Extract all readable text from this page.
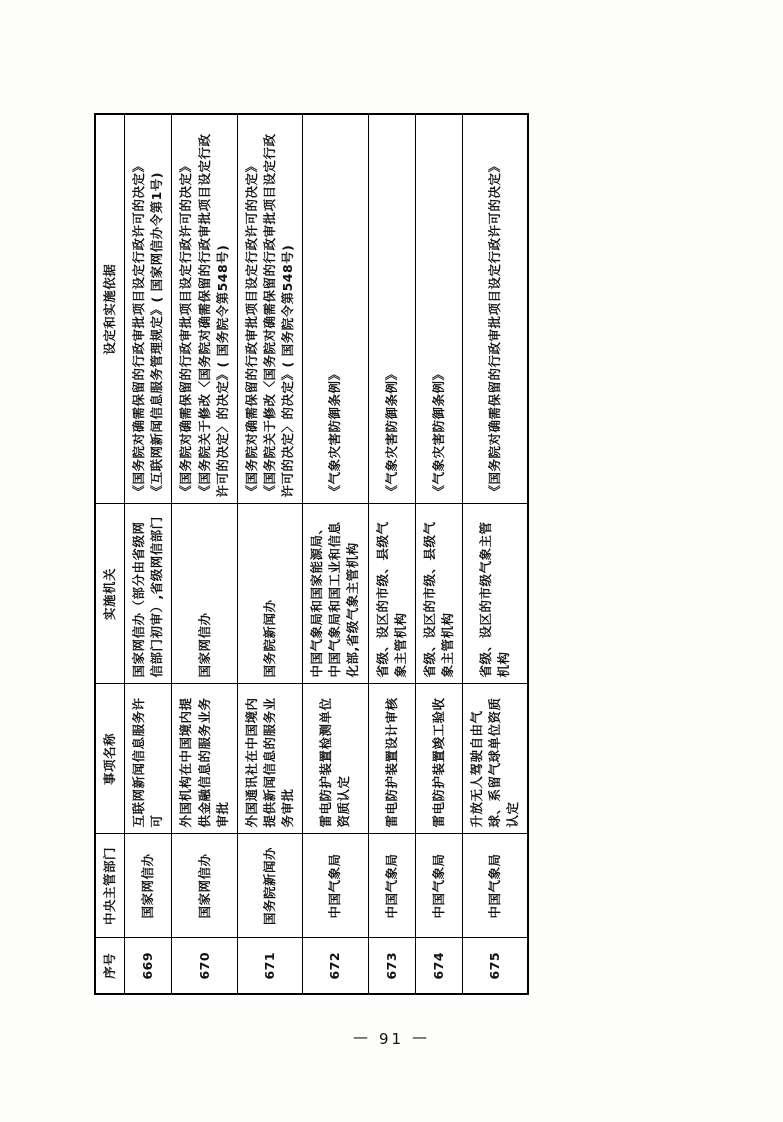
序号	中央主管部门	事项名称	实施机关	设定和实施依据
669	国家网信办	互联网新闻信息服务许可	国家网信办（部分由省级网信部门初审）,省级网信部门	《国务院对确需保留的行政审批项目设定行政许可的决定》 《互联网新闻信息服务管理规定》( 国家网信办令第1号)

670	国家网信办	外国机构在中国境内提供金融信息的服务业务审批	国家网信办	《国务院对确需保留的行政审批项目设定行政许可的决定》 《国务院关于修改〈国务院对确需保留的行政审批项目设定行政许可的决定〉的决定》( 国务院令第548号)

671	国务院新闻办	外国通讯社在中国境内提供新闻信息的服务业务审批	国务院新闻办	《国务院对确需保留的行政审批项目设定行政许可的决定》 《国务院关于修改〈国务院对确需保留的行政审批项目设定行政许可的决定〉的决定》( 国务院令第548号)

672	中国气象局	雷电防护装置检测单位资质认定	中国气象局和国家能源局、中国气象局和国工业和信息化部,省级气象主管机构	《气象灾害防御条例》

673	中国气象局	雷电防护装置设计审核	省级、设区的市级、县级气象主管机构	《气象灾害防御条例》

674	中国气象局	雷电防护装置竣工验收	省级、设区的市级、县级气象主管机构	《气象灾害防御条例》

675	中国气象局	升放无人驾驶自由气球、系留气球单位资质认定	省级、设区的市级气象主管机构	《国务院对确需保留的行政审批项目设定行政许可的决定》
— 91 —
